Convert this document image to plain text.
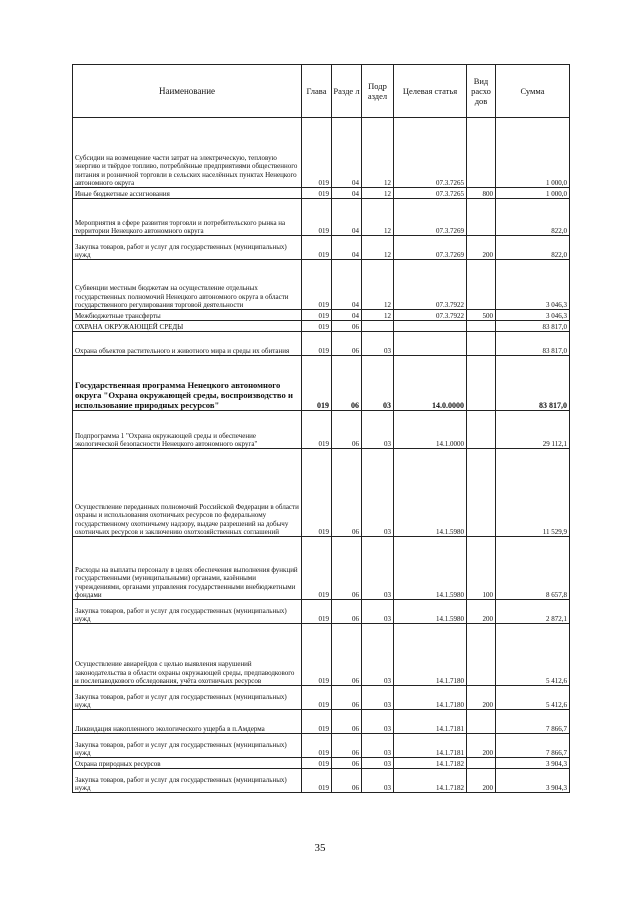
Наименование	Глава	Разде л	Подр аздел	Целевая статья	Вид расхо дов	Сумма
Субсидии на возмещение части затрат на электрическую, тепловую энергию и твёрдое топливо, потреблённые предприятиями общественного питания и розничной торговли в сельских населённых пунктах Ненецкого автономного округа	019	04	12	07.3.7265		1 000,0
Иные бюджетные ассигнования	019	04	12	07.3.7265	800	1 000,0
Мероприятия в сфере развития торговли и потребительского рынка на территории Ненецкого автономного округа	019	04	12	07.3.7269		822,0
Закупка товаров, работ и услуг для государственных (муниципальных) нужд	019	04	12	07.3.7269	200	822,0
Субвенции местным бюджетам на осуществление отдельных государственных полномочий Ненецкого автономного округа в области государственного регулирования торговой деятельности	019	04	12	07.3.7922		3 046,3
Межбюджетные трансферты	019	04	12	07.3.7922	500	3 046,3
ОХРАНА ОКРУЖАЮЩЕЙ СРЕДЫ	019	06				83 817,0
Охрана объектов растительного и животного мира и среды их обитания	019	06	03			83 817,0
Государственная программа Ненецкого автономного округа "Охрана окружающей среды, воспроизводство и использование природных ресурсов"	019	06	03	14.0.0000		83 817,0
Подпрограмма 1 "Охрана окружающей среды и обеспечение экологической безопасности Ненецкого автономного округа"	019	06	03	14.1.0000		29 112,1
Осуществление переданных полномочий Российской Федерации в области охраны и использования охотничьих ресурсов по федеральному государственному охотничьему надзору, выдаче разрешений на добычу охотничьих ресурсов и заключению охотхозяйственных соглашений	019	06	03	14.1.5980		11 529,9
Расходы на выплаты персоналу в целях обеспечения выполнения функций государственными (муниципальными) органами, казёнными учреждениями, органами управления государственными внебюджетными фондами	019	06	03	14.1.5980	100	8 657,8
Закупка товаров, работ и услуг для государственных (муниципальных) нужд	019	06	03	14.1.5980	200	2 872,1
Осуществление авиарейдов с целью выявления нарушений законодательства в области охраны окружающей среды, предпаводкового и послепаводкового обследования, учёта охотничьих ресурсов	019	06	03	14.1.7180		5 412,6
Закупка товаров, работ и услуг для государственных (муниципальных) нужд	019	06	03	14.1.7180	200	5 412,6
Ликвидация накопленного экологического ущерба в п.Амдерма	019	06	03	14.1.7181		7 866,7
Закупка товаров, работ и услуг для государственных (муниципальных) нужд	019	06	03	14.1.7181	200	7 866,7
Охрана природных ресурсов	019	06	03	14.1.7182		3 904,3
Закупка товаров, работ и услуг для государственных (муниципальных) нужд	019	06	03	14.1.7182	200	3 904,3
35
